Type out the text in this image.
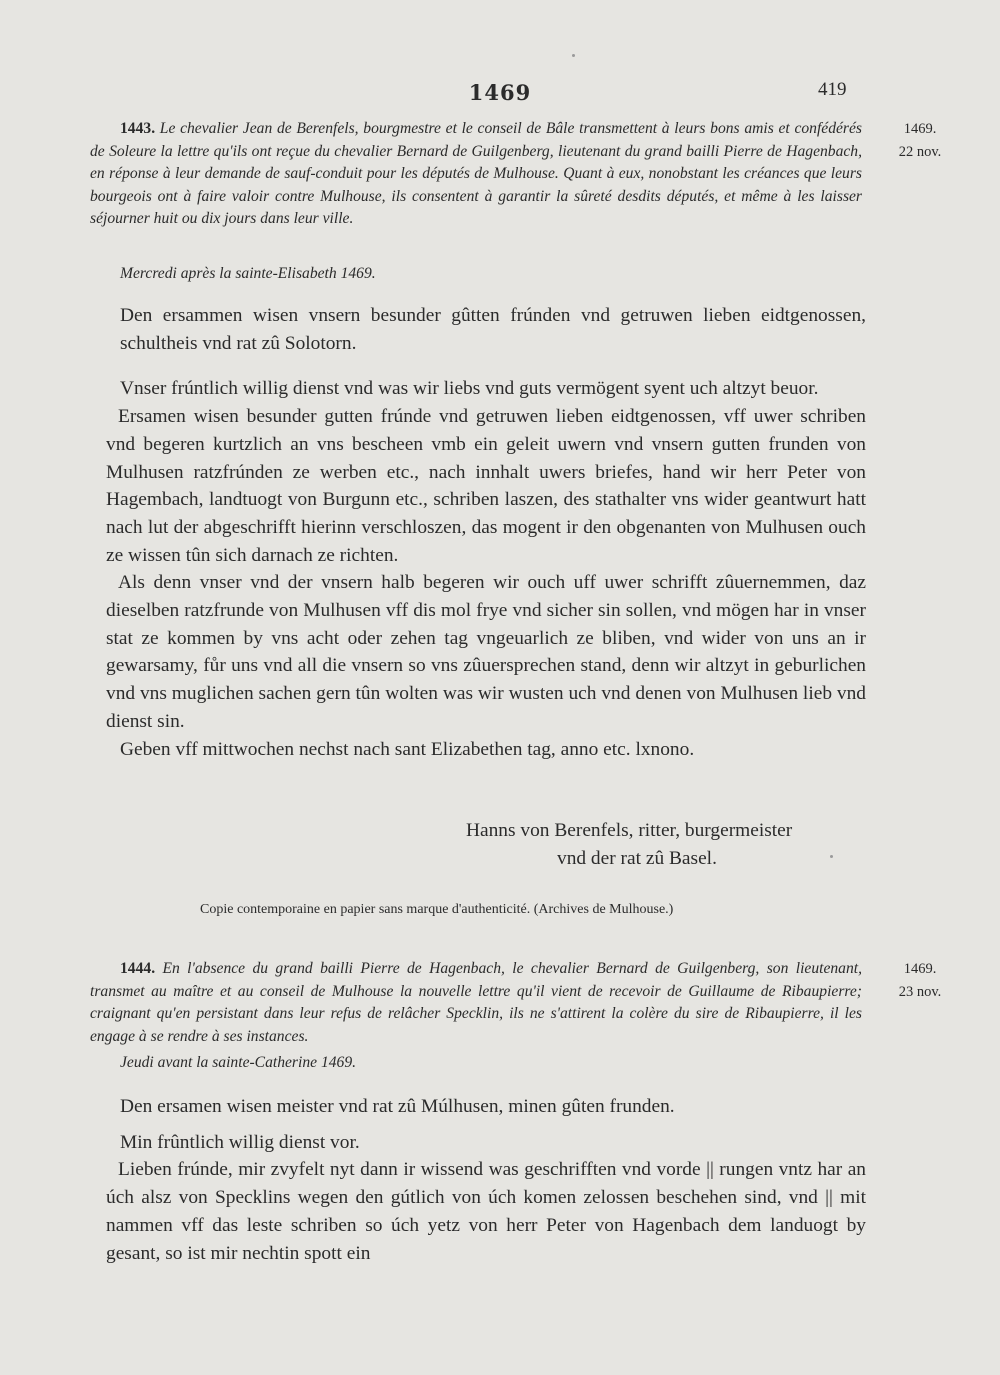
1469	419

1443. Le chevalier Jean de Berenfels, bourgmestre et le conseil de Bâle transmettent à leurs bons amis et confédérés de Soleure la lettre qu'ils ont reçue du chevalier Bernard de Guilgenberg, lieutenant du grand bailli Pierre de Hagenbach, en réponse à leur demande de sauf-conduit pour les députés de Mulhouse. Quant à eux, nonobstant les créances que leurs bourgeois ont à faire valoir contre Mulhouse, ils consentent à garantir la sûreté desdits députés, et même à les laisser séjourner huit ou dix jours dans leur ville.

Mercredi après la sainte-Elisabeth 1469.
1469.
22 nov.

Den ersammen wisen vnsern besunder gûtten frúnden vnd getruwen lieben eidtgenossen, schultheis vnd rat zû Solotorn.

Vnser frúntlich willig dienst vnd was wir liebs vnd guts vermögent syent uch altzyt beuor.

Ersamen wisen besunder gutten frúnde vnd getruwen lieben eidtgenossen, vff uwer schriben vnd begeren kurtzlich an vns bescheen vmb ein geleit uwern vnd vnsern gutten frunden von Mulhusen ratzfrúnden ze werben etc., nach innhalt uwers briefes, hand wir herr Peter von Hagembach, landtuogt von Burgunn etc., schriben laszen, des stathalter vns wider geantwurt hatt nach lut der abgeschrifft hierinn verschloszen, das mogent ir den obgenanten von Mulhusen ouch ze wissen tûn sich darnach ze richten.

Als denn vnser vnd der vnsern halb begeren wir ouch uff uwer schrifft zûuernemmen, daz dieselben ratzfrunde von Mulhusen vff dis mol frye vnd sicher sin sollen, vnd mögen har in vnser stat ze kommen by vns acht oder zehen tag vngeuarlich ze bliben, vnd wider von uns an ir gewarsamy, fůr uns vnd all die vnsern so vns zûuersprechen stand, denn wir altzyt in geburlichen vnd vns muglichen sachen gern tûn wolten was wir wusten uch vnd denen von Mulhusen lieb vnd dienst sin.

Geben vff mittwochen nechst nach sant Elizabethen tag, anno etc. lxnono.

Hanns von Berenfels, ritter, burgermeister
vnd der rat zû Basel.
Copie contemporaine en papier sans marque d'authenticité. (Archives de Mulhouse.)

1444. En l'absence du grand bailli Pierre de Hagenbach, le chevalier Bernard de Guilgenberg, son lieutenant, transmet au maître et au conseil de Mulhouse la nouvelle lettre qu'il vient de recevoir de Guillaume de Ribaupierre; craignant qu'en persistant dans leur refus de relâcher Specklin, ils ne s'attirent la colère du sire de Ribaupierre, il les engage à se rendre à ses instances.

Jeudi avant la sainte-Catherine 1469.
1469.
23 nov.

Den ersamen wisen meister vnd rat zû Múlhusen, minen gûten frunden.

Min frûntlich willig dienst vor.

Lieben frúnde, mir zvyfelt nyt dann ir wissend was geschrifften vnd vorde || rungen vntz har an úch alsz von Specklins wegen den gútlich von úch komen zelossen beschehen sind, vnd || mit nammen vff das leste schriben so úch yetz von herr Peter von Hagenbach dem landuogt by gesant, so ist mir nechtin spott ein
